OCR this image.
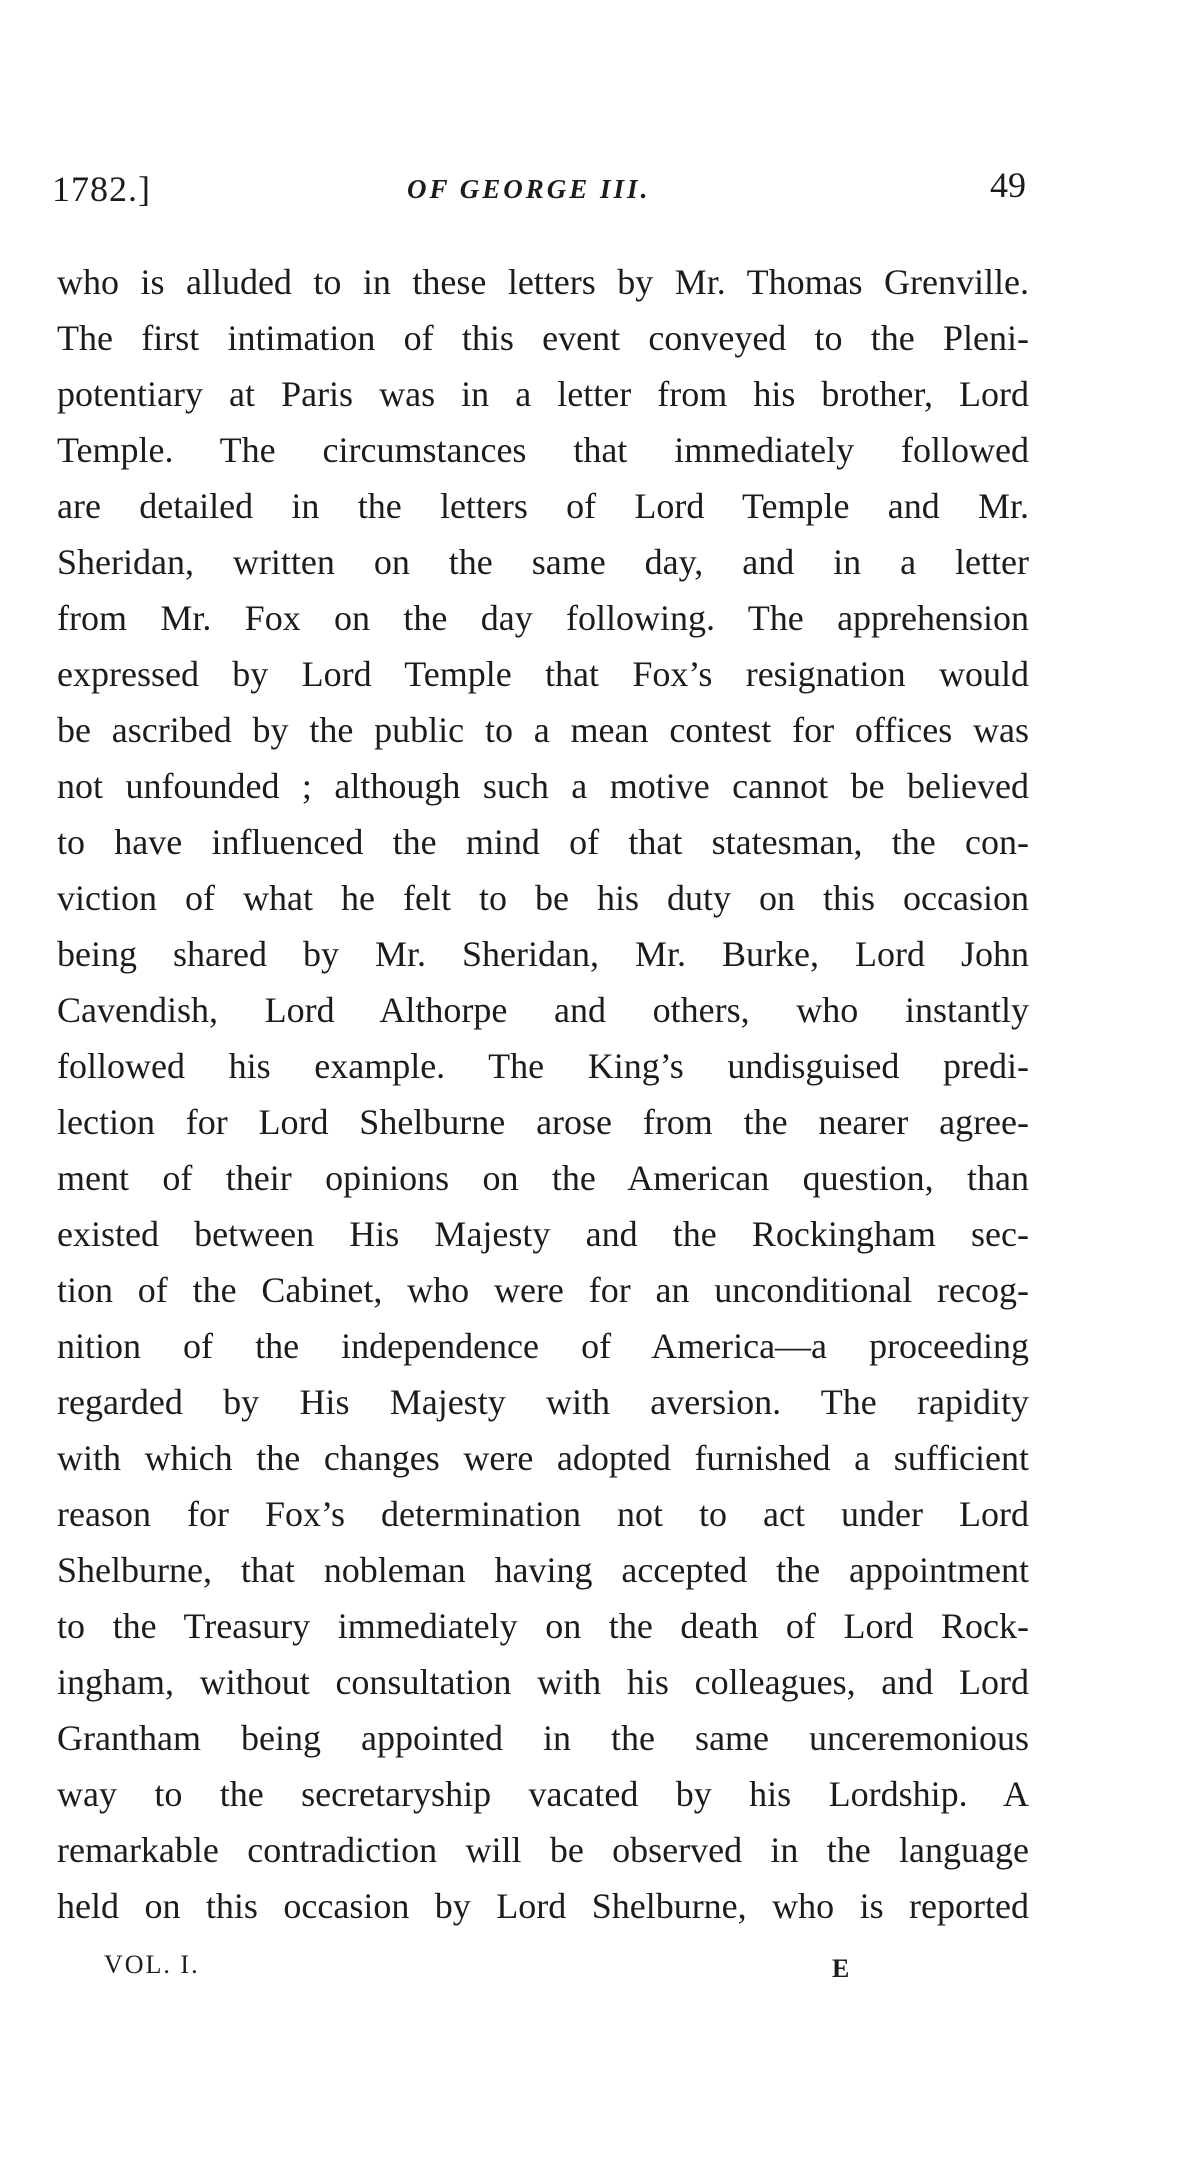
1782.]	OF GEORGE III.	49
who is alluded to in these letters by Mr. Thomas Grenville.
The first intimation of this event conveyed to the Pleni-
potentiary at Paris was in a letter from his brother, Lord
Temple. The circumstances that immediately followed
are detailed in the letters of Lord Temple and Mr.
Sheridan, written on the same day, and in a letter
from Mr. Fox on the day following. The apprehension
expressed by Lord Temple that Fox’s resignation would
be ascribed by the public to a mean contest for offices was
not unfounded ; although such a motive cannot be believed
to have influenced the mind of that statesman, the con-
viction of what he felt to be his duty on this occasion
being shared by Mr. Sheridan, Mr. Burke, Lord John
Cavendish, Lord Althorpe and others, who instantly
followed his example. The King’s undisguised predi-
lection for Lord Shelburne arose from the nearer agree-
ment of their opinions on the American question, than
existed between His Majesty and the Rockingham sec-
tion of the Cabinet, who were for an unconditional recog-
nition of the independence of America—a proceeding
regarded by His Majesty with aversion. The rapidity
with which the changes were adopted furnished a sufficient
reason for Fox’s determination not to act under Lord
Shelburne, that nobleman having accepted the appointment
to the Treasury immediately on the death of Lord Rock-
ingham, without consultation with his colleagues, and Lord
Grantham being appointed in the same unceremonious
way to the secretaryship vacated by his Lordship. A
remarkable contradiction will be observed in the language
held on this occasion by Lord Shelburne, who is reported
VOL. I.	E
